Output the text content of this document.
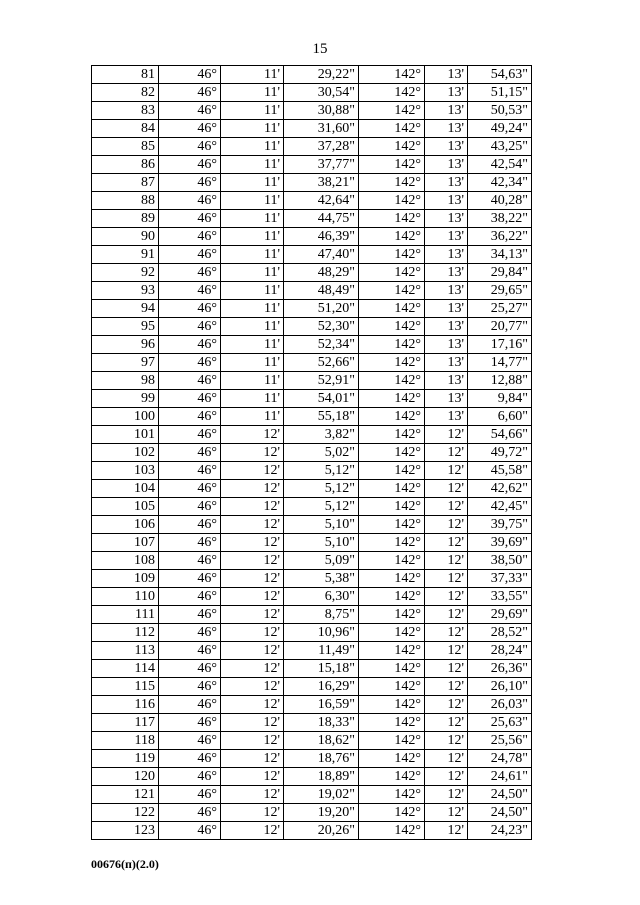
15
81	46°	11'	29,22"	142°	13'	54,63"
82	46°	11'	30,54"	142°	13'	51,15"
83	46°	11'	30,88"	142°	13'	50,53"
84	46°	11'	31,60"	142°	13'	49,24"
85	46°	11'	37,28"	142°	13'	43,25"
86	46°	11'	37,77"	142°	13'	42,54"
87	46°	11'	38,21"	142°	13'	42,34"
88	46°	11'	42,64"	142°	13'	40,28"
89	46°	11'	44,75"	142°	13'	38,22"
90	46°	11'	46,39"	142°	13'	36,22"
91	46°	11'	47,40"	142°	13'	34,13"
92	46°	11'	48,29"	142°	13'	29,84"
93	46°	11'	48,49"	142°	13'	29,65"
94	46°	11'	51,20"	142°	13'	25,27"
95	46°	11'	52,30"	142°	13'	20,77"
96	46°	11'	52,34"	142°	13'	17,16"
97	46°	11'	52,66"	142°	13'	14,77"
98	46°	11'	52,91"	142°	13'	12,88"
99	46°	11'	54,01"	142°	13'	9,84"
100	46°	11'	55,18"	142°	13'	6,60"
101	46°	12'	3,82"	142°	12'	54,66"
102	46°	12'	5,02"	142°	12'	49,72"
103	46°	12'	5,12"	142°	12'	45,58"
104	46°	12'	5,12"	142°	12'	42,62"
105	46°	12'	5,12"	142°	12'	42,45"
106	46°	12'	5,10"	142°	12'	39,75"
107	46°	12'	5,10"	142°	12'	39,69"
108	46°	12'	5,09"	142°	12'	38,50"
109	46°	12'	5,38"	142°	12'	37,33"
110	46°	12'	6,30"	142°	12'	33,55"
111	46°	12'	8,75"	142°	12'	29,69"
112	46°	12'	10,96"	142°	12'	28,52"
113	46°	12'	11,49"	142°	12'	28,24"
114	46°	12'	15,18"	142°	12'	26,36"
115	46°	12'	16,29"	142°	12'	26,10"
116	46°	12'	16,59"	142°	12'	26,03"
117	46°	12'	18,33"	142°	12'	25,63"
118	46°	12'	18,62"	142°	12'	25,56"
119	46°	12'	18,76"	142°	12'	24,78"
120	46°	12'	18,89"	142°	12'	24,61"
121	46°	12'	19,02"	142°	12'	24,50"
122	46°	12'	19,20"	142°	12'	24,50"
123	46°	12'	20,26"	142°	12'	24,23"
00676(п)(2.0)
